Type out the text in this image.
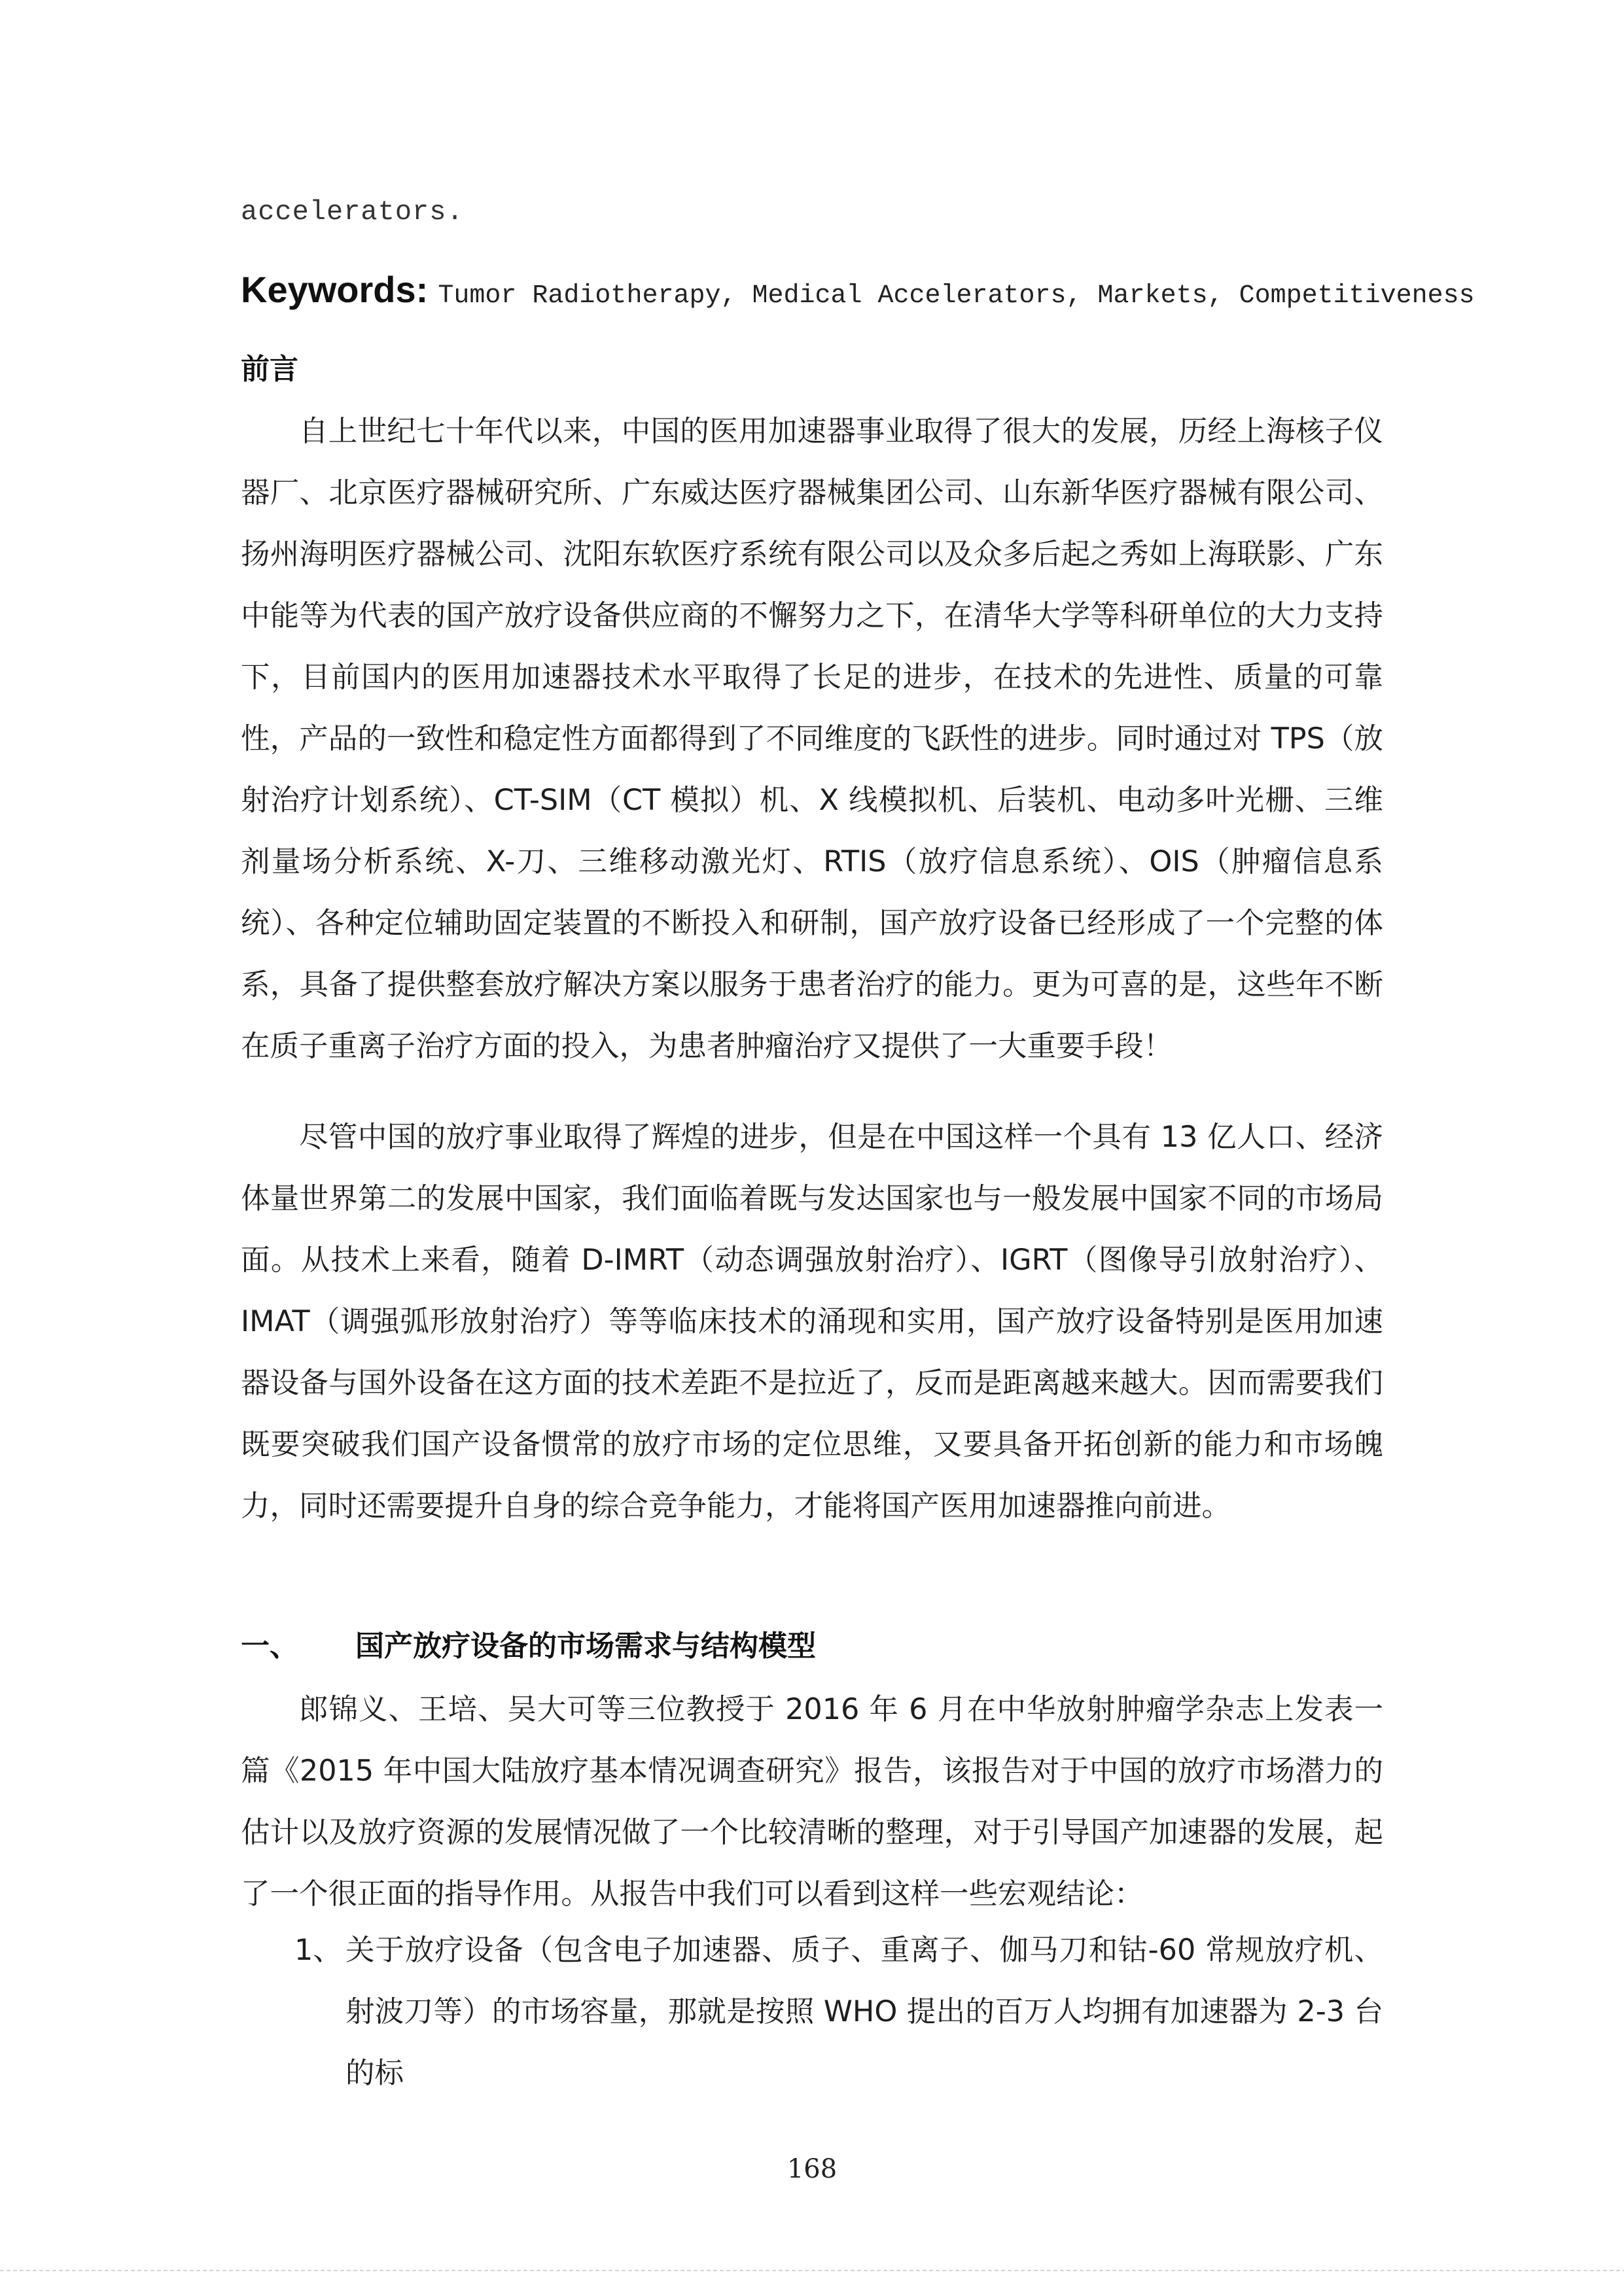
accelerators.
Keywords: Tumor Radiotherapy, Medical Accelerators, Markets, Competitiveness
前言

自上世纪七十年代以来，中国的医用加速器事业取得了很大的发展，历经上海核子仪器厂、北京医疗器械研究所、广东威达医疗器械集团公司、山东新华医疗器械有限公司、扬州海明医疗器械公司、沈阳东软医疗系统有限公司以及众多后起之秀如上海联影、广东中能等为代表的国产放疗设备供应商的不懈努力之下，在清华大学等科研单位的大力支持下，目前国内的医用加速器技术水平取得了长足的进步，在技术的先进性、质量的可靠性，产品的一致性和稳定性方面都得到了不同维度的飞跃性的进步。同时通过对 TPS（放射治疗计划系统）、CT-SIM（CT 模拟）机、X 线模拟机、后装机、电动多叶光栅、三维剂量场分析系统、X-刀、三维移动激光灯、RTIS（放疗信息系统）、OIS（肿瘤信息系统）、各种定位辅助固定装置的不断投入和研制，国产放疗设备已经形成了一个完整的体系，具备了提供整套放疗解决方案以服务于患者治疗的能力。更为可喜的是，这些年不断在质子重离子治疗方面的投入，为患者肿瘤治疗又提供了一大重要手段！

尽管中国的放疗事业取得了辉煌的进步，但是在中国这样一个具有 13 亿人口、经济体量世界第二的发展中国家，我们面临着既与发达国家也与一般发展中国家不同的市场局面。从技术上来看，随着 D-IMRT（动态调强放射治疗）、IGRT（图像导引放射治疗）、IMAT（调强弧形放射治疗）等等临床技术的涌现和实用，国产放疗设备特别是医用加速器设备与国外设备在这方面的技术差距不是拉近了，反而是距离越来越大。因而需要我们既要突破我们国产设备惯常的放疗市场的定位思维，又要具备开拓创新的能力和市场魄力，同时还需要提升自身的综合竞争能力，才能将国产医用加速器推向前进。

一、 国产放疗设备的市场需求与结构模型

郎锦义、王培、吴大可等三位教授于 2016 年 6 月在中华放射肿瘤学杂志上发表一篇《2015 年中国大陆放疗基本情况调查研究》报告，该报告对于中国的放疗市场潜力的估计以及放疗资源的发展情况做了一个比较清晰的整理，对于引导国产加速器的发展，起了一个很正面的指导作用。从报告中我们可以看到这样一些宏观结论：

1、 关于放疗设备（包含电子加速器、质子、重离子、伽马刀和钴-60 常规放疗机、射波刀等）的市场容量，那就是按照 WHO 提出的百万人均拥有加速器为 2-3 台的标
168
